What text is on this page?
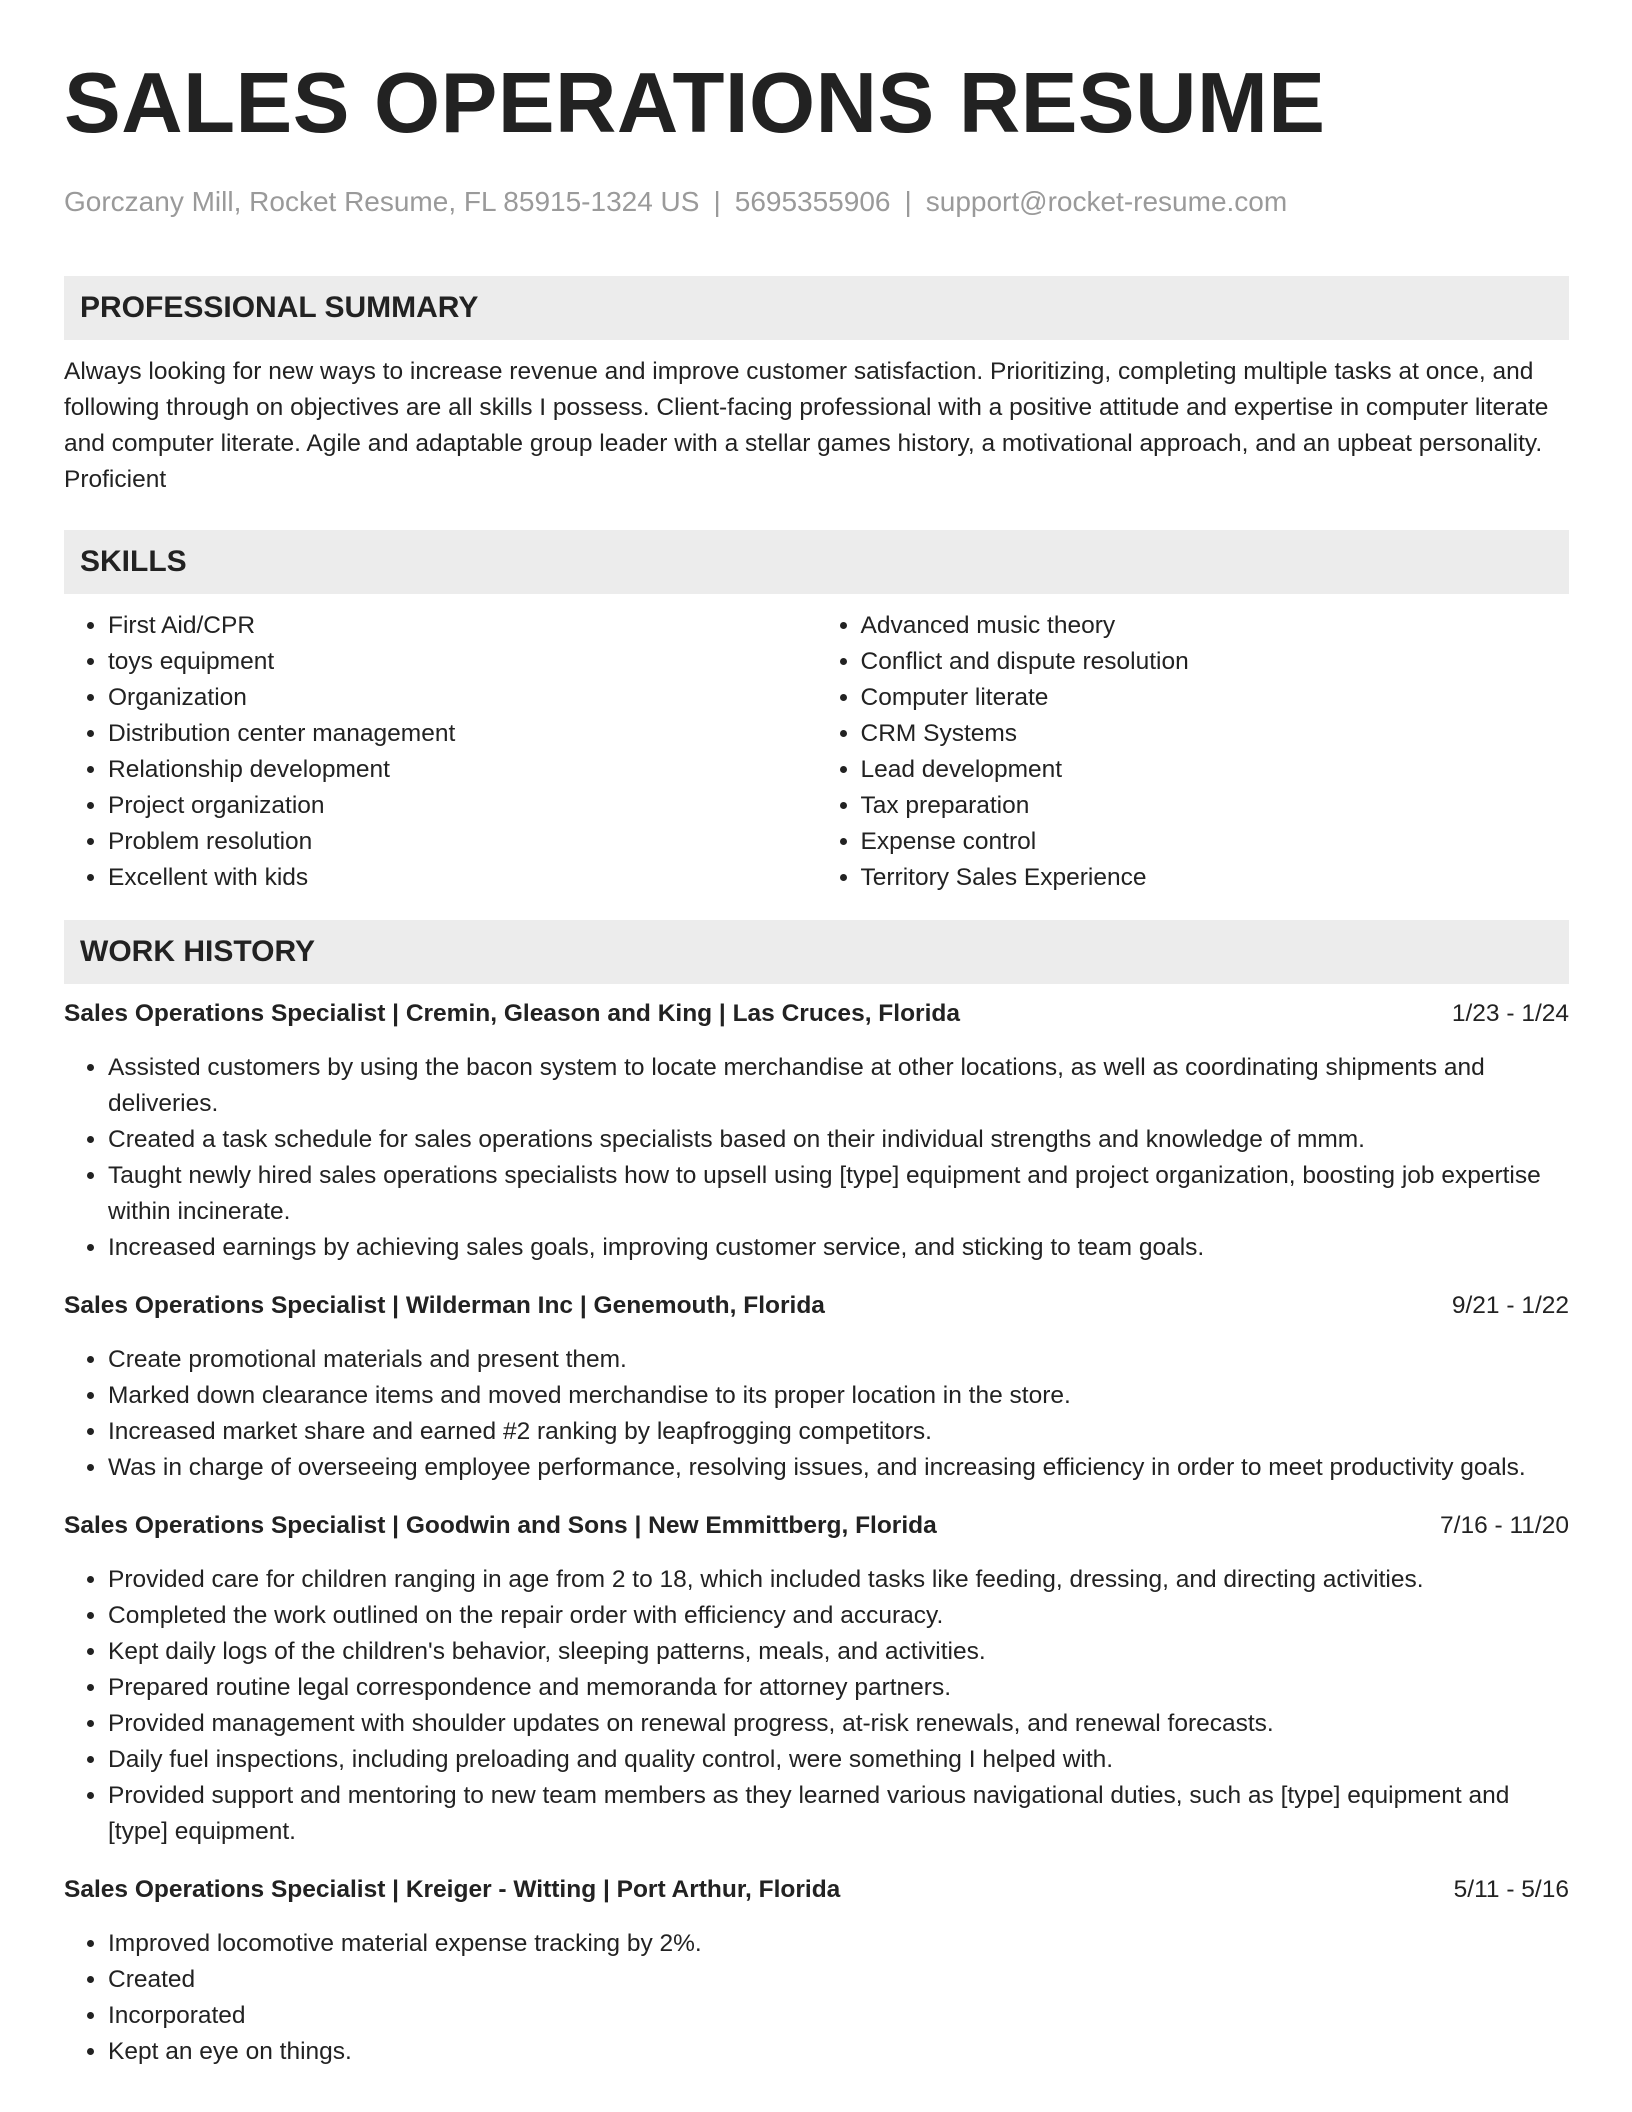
SALES OPERATIONS RESUME
Gorczany Mill, Rocket Resume, FL 85915-1324 US | 5695355906 | support@rocket-resume.com
PROFESSIONAL SUMMARY

Always looking for new ways to increase revenue and improve customer satisfaction. Prioritizing, completing multiple tasks at once, and following through on objectives are all skills I possess. Client-facing professional with a positive attitude and expertise in computer literate and computer literate. Agile and adaptable group leader with a stellar games history, a motivational approach, and an upbeat personality. Proficient

SKILLS
• First Aid/CPR
• toys equipment
• Organization
• Distribution center management
• Relationship development
• Project organization
• Problem resolution
• Excellent with kids
• Advanced music theory
• Conflict and dispute resolution
• Computer literate
• CRM Systems
• Lead development
• Tax preparation
• Expense control
• Territory Sales Experience
WORK HISTORY
Sales Operations Specialist | Cremin, Gleason and King | Las Cruces, Florida	1/23 - 1/24
• Assisted customers by using the bacon system to locate merchandise at other locations, as well as coordinating shipments and deliveries.
• Created a task schedule for sales operations specialists based on their individual strengths and knowledge of mmm.
• Taught newly hired sales operations specialists how to upsell using [type] equipment and project organization, boosting job expertise within incinerate.
• Increased earnings by achieving sales goals, improving customer service, and sticking to team goals.
Sales Operations Specialist | Wilderman Inc | Genemouth, Florida	9/21 - 1/22
• Create promotional materials and present them.
• Marked down clearance items and moved merchandise to its proper location in the store.
• Increased market share and earned #2 ranking by leapfrogging competitors.
• Was in charge of overseeing employee performance, resolving issues, and increasing efficiency in order to meet productivity goals.
Sales Operations Specialist | Goodwin and Sons | New Emmittberg, Florida	7/16 - 11/20
• Provided care for children ranging in age from 2 to 18, which included tasks like feeding, dressing, and directing activities.
• Completed the work outlined on the repair order with efficiency and accuracy.
• Kept daily logs of the children's behavior, sleeping patterns, meals, and activities.
• Prepared routine legal correspondence and memoranda for attorney partners.
• Provided management with shoulder updates on renewal progress, at-risk renewals, and renewal forecasts.
• Daily fuel inspections, including preloading and quality control, were something I helped with.
• Provided support and mentoring to new team members as they learned various navigational duties, such as [type] equipment and [type] equipment.
Sales Operations Specialist | Kreiger - Witting | Port Arthur, Florida	5/11 - 5/16
• Improved locomotive material expense tracking by 2%.
• Created
• Incorporated
• Kept an eye on things.
